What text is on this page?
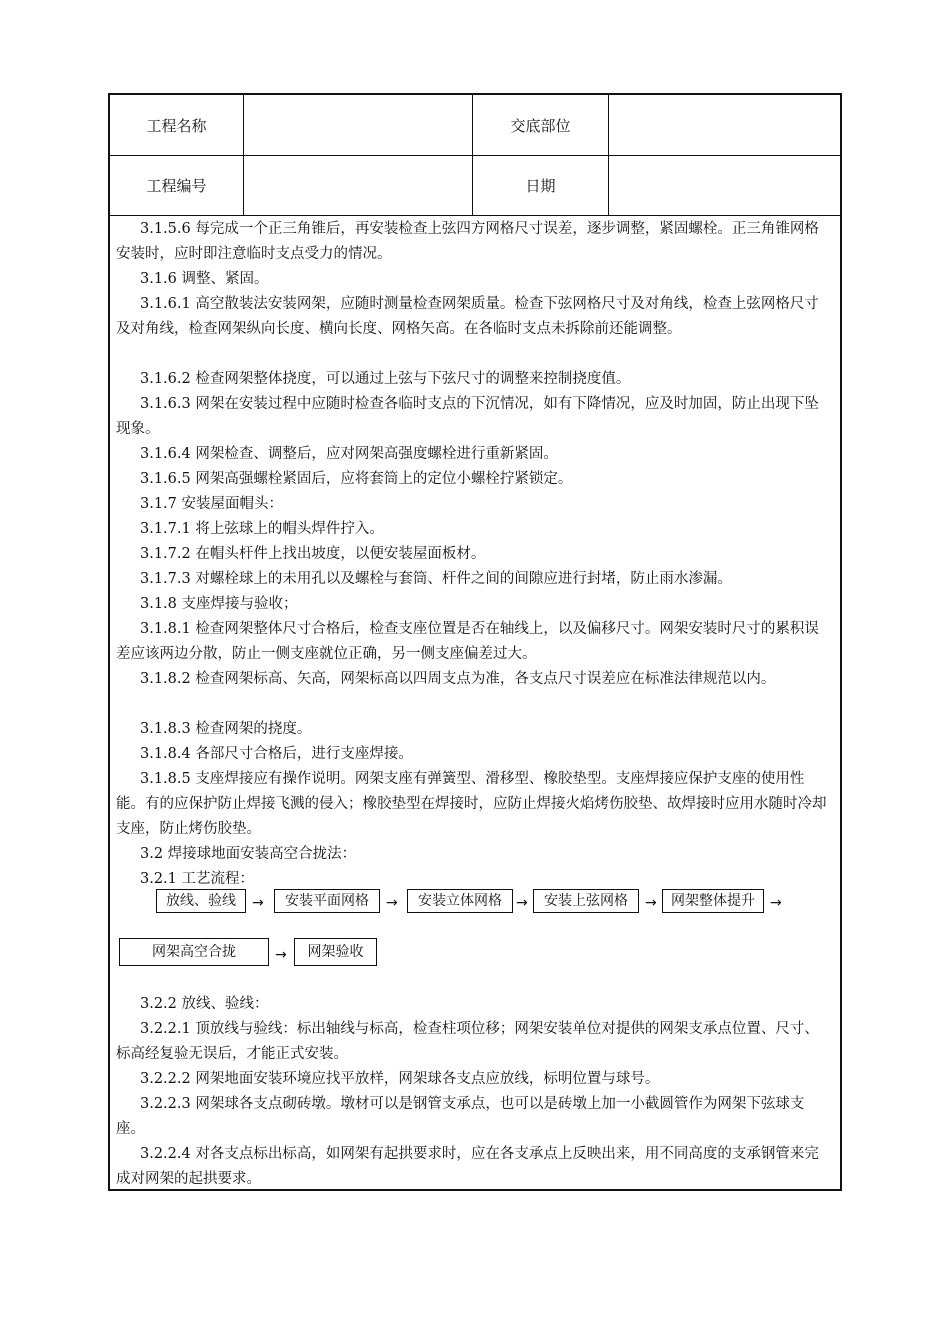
工程名称	交底部位
工程编号	日期
3.1.5.6 每完成一个正三角锥后，再安装检查上弦四方网格尺寸误差，逐步调整，紧固螺栓。正三角锥网格安装时，应时即注意临时支点受力的情况。
3.1.6 调整、紧固。
3.1.6.1 高空散装法安装网架，应随时测量检查网架质量。检查下弦网格尺寸及对角线，检查上弦网格尺寸及对角线，检查网架纵向长度、横向长度、网格矢高。在各临时支点未拆除前还能调整。
3.1.6.2 检查网架整体挠度，可以通过上弦与下弦尺寸的调整来控制挠度值。
3.1.6.3 网架在安装过程中应随时检查各临时支点的下沉情况，如有下降情况，应及时加固，防止出现下坠现象。
3.1.6.4 网架检查、调整后，应对网架高强度螺栓进行重新紧固。
3.1.6.5 网架高强螺栓紧固后，应将套筒上的定位小螺栓拧紧锁定。
3.1.7 安装屋面帽头：
3.1.7.1 将上弦球上的帽头焊件拧入。
3.1.7.2 在帽头杆件上找出坡度，以便安装屋面板材。
3.1.7.3 对螺栓球上的未用孔以及螺栓与套筒、杆件之间的间隙应进行封堵，防止雨水渗漏。
3.1.8 支座焊接与验收；
3.1.8.1 检查网架整体尺寸合格后，检查支座位置是否在轴线上，以及偏移尺寸。网架安装时尺寸的累积误差应该两边分散，防止一侧支座就位正确，另一侧支座偏差过大。
3.1.8.2 检查网架标高、矢高，网架标高以四周支点为准，各支点尺寸误差应在标准法律规范以内。
3.1.8.3 检查网架的挠度。
3.1.8.4 各部尺寸合格后，进行支座焊接。
3.1.8.5 支座焊接应有操作说明。网架支座有弹簧型、滑移型、橡胶垫型。支座焊接应保护支座的使用性能。有的应保护防止焊接飞溅的侵入；橡胶垫型在焊接时，应防止焊接火焰烤伤胶垫、故焊接时应用水随时冷却支座，防止烤伤胶垫。
3.2 焊接球地面安装高空合拢法：
3.2.1 工艺流程：
放线、验线	→	安装平面网格	→	安装立体网格	→	安装上弦网格	→	网架整体提升	→
网架高空合拢	→	网架验收
3.2.2 放线、验线：
3.2.2.1 顶放线与验线：标出轴线与标高，检查柱项位移；网架安装单位对提供的网架支承点位置、尺寸、标高经复验无误后，才能正式安装。
3.2.2.2 网架地面安装环境应找平放样，网架球各支点应放线，标明位置与球号。
3.2.2.3 网架球各支点砌砖墩。墩材可以是钢管支承点，也可以是砖墩上加一小截圆管作为网架下弦球支座。
3.2.2.4 对各支点标出标高，如网架有起拱要求时，应在各支承点上反映出来，用不同高度的支承钢管来完成对网架的起拱要求。
